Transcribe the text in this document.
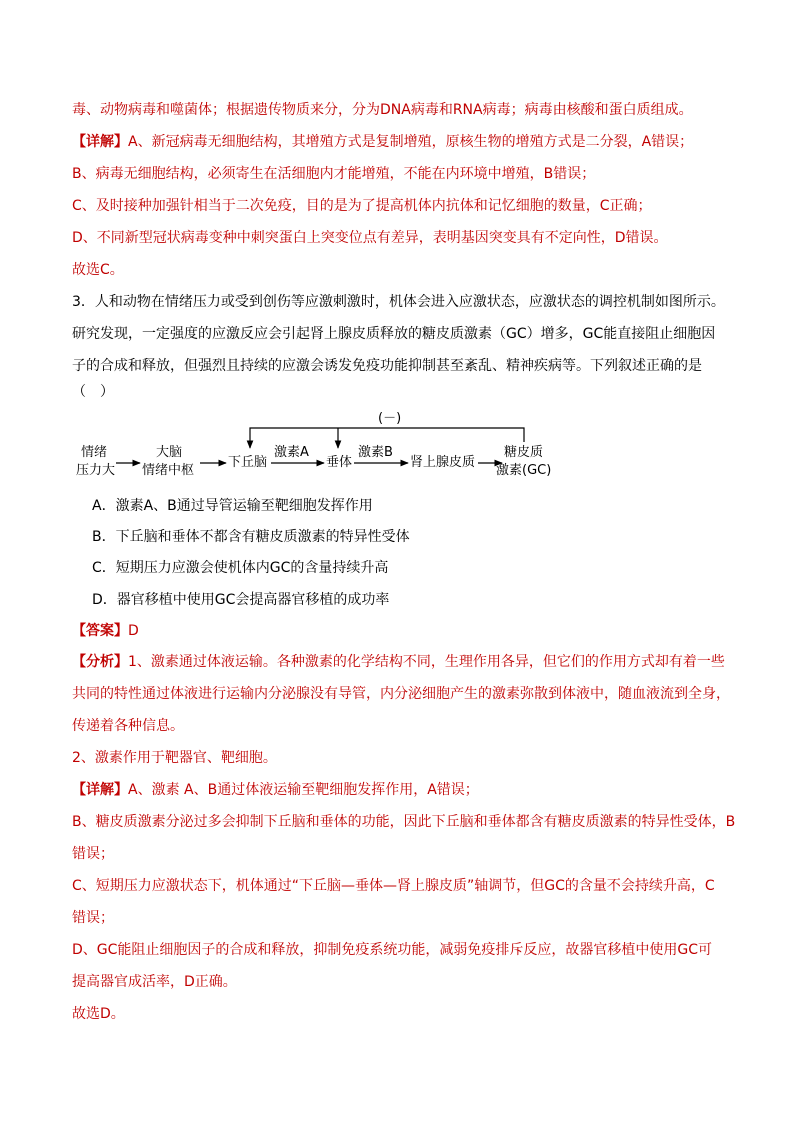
毒、动物病毒和噬菌体；根据遗传物质来分，分为DNA病毒和RNA病毒；病毒由核酸和蛋白质组成。
【详解】A、新冠病毒无细胞结构，其增殖方式是复制增殖，原核生物的增殖方式是二分裂，A错误；
B、病毒无细胞结构，必须寄生在活细胞内才能增殖，不能在内环境中增殖，B错误；
C、及时接种加强针相当于二次免疫，目的是为了提高机体内抗体和记忆细胞的数量，C正确；
D、不同新型冠状病毒变种中刺突蛋白上突变位点有差异，表明基因突变具有不定向性，D错误。
故选C。
3．人和动物在情绪压力或受到创伤等应激刺激时，机体会进入应激状态，应激状态的调控机制如图所示。
研究发现，一定强度的应激反应会引起肾上腺皮质释放的糖皮质激素（GC）增多，GC能直接阻止细胞因
子的合成和释放，但强烈且持续的应激会诱发免疫功能抑制甚至紊乱、精神疾病等。下列叙述正确的是
（　）
情绪
压力大
大脑
情绪中枢
下丘脑	垂体	肾上腺皮质
糖皮质
激素(GC)
激素A	激素B
(－)
A．激素A、B通过导管运输至靶细胞发挥作用
B．下丘脑和垂体不都含有糖皮质激素的特异性受体
C．短期压力应激会使机体内GC的含量持续升高
D．器官移植中使用GC会提高器官移植的成功率
【答案】D
【分析】1、激素通过体液运输。各种激素的化学结构不同，生理作用各异，但它们的作用方式却有着一些
共同的特性通过体液进行运输内分泌腺没有导管，内分泌细胞产生的激素弥散到体液中，随血液流到全身，
传递着各种信息。
2、激素作用于靶器官、靶细胞。
【详解】A、激素 A、B通过体液运输至靶细胞发挥作用，A错误；
B、糖皮质激素分泌过多会抑制下丘脑和垂体的功能，因此下丘脑和垂体都含有糖皮质激素的特异性受体，B
错误；
C、短期压力应激状态下，机体通过“下丘脑—垂体—肾上腺皮质”轴调节，但GC的含量不会持续升高，C
错误；
D、GC能阻止细胞因子的合成和释放，抑制免疫系统功能，减弱免疫排斥反应，故器官移植中使用GC可
提高器官成活率，D正确。
故选D。
